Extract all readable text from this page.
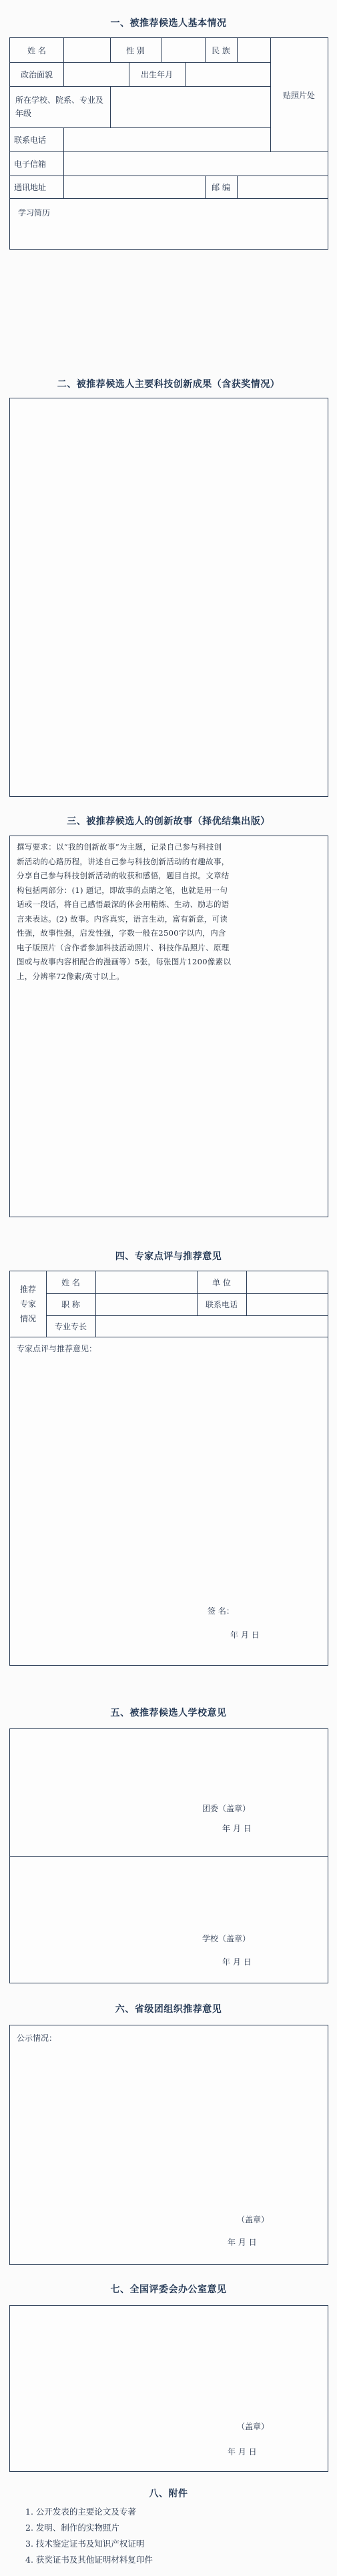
一、被推荐候选人基本情况
姓 名	性 别	民 族
贴照片处
政治面貌	出生年月
所在学校、院系、专业及年级
联系电话
电子信箱
通讯地址	邮 编
学习简历
二、被推荐候选人主要科技创新成果（含获奖情况）
三、被推荐候选人的创新故事（择优结集出版）
撰写要求：以“我的创新故事”为主题，记录自己参与科技创
新活动的心路历程，讲述自己参与科技创新活动的有趣故事，
分享自己参与科技创新活动的收获和感悟，题目自拟。文章结
构包括两部分：(1) 题记，即故事的点睛之笔，也就是用一句
话或一段话，将自己感悟最深的体会用精炼、生动、励志的语
言来表达。(2) 故事。内容真实，语言生动，富有新意，可读
性强，故事性强，启发性强，字数一般在2500字以内，内含
电子版照片（含作者参加科技活动照片、科技作品照片、原理
图或与故事内容相配合的漫画等）5张，每张图片1200像素以
上，分辨率72像素/英寸以上。
四、专家点评与推荐意见
推荐
专家
情况
姓 名	单 位
职 称	联系电话
专业专长
专家点评与推荐意见：
签 名：
年 月 日
五、被推荐候选人学校意见
团委（盖章）
年 月 日
学校（盖章）
年 月 日
六、省级团组织推荐意见
公示情况：
（盖章）
年 月 日
七、全国评委会办公室意见
（盖章）
年 月 日
八、附件
1. 公开发表的主要论文及专著
2. 发明、制作的实物照片
3. 技术鉴定证书及知识产权证明
4. 获奖证书及其他证明材料复印件
